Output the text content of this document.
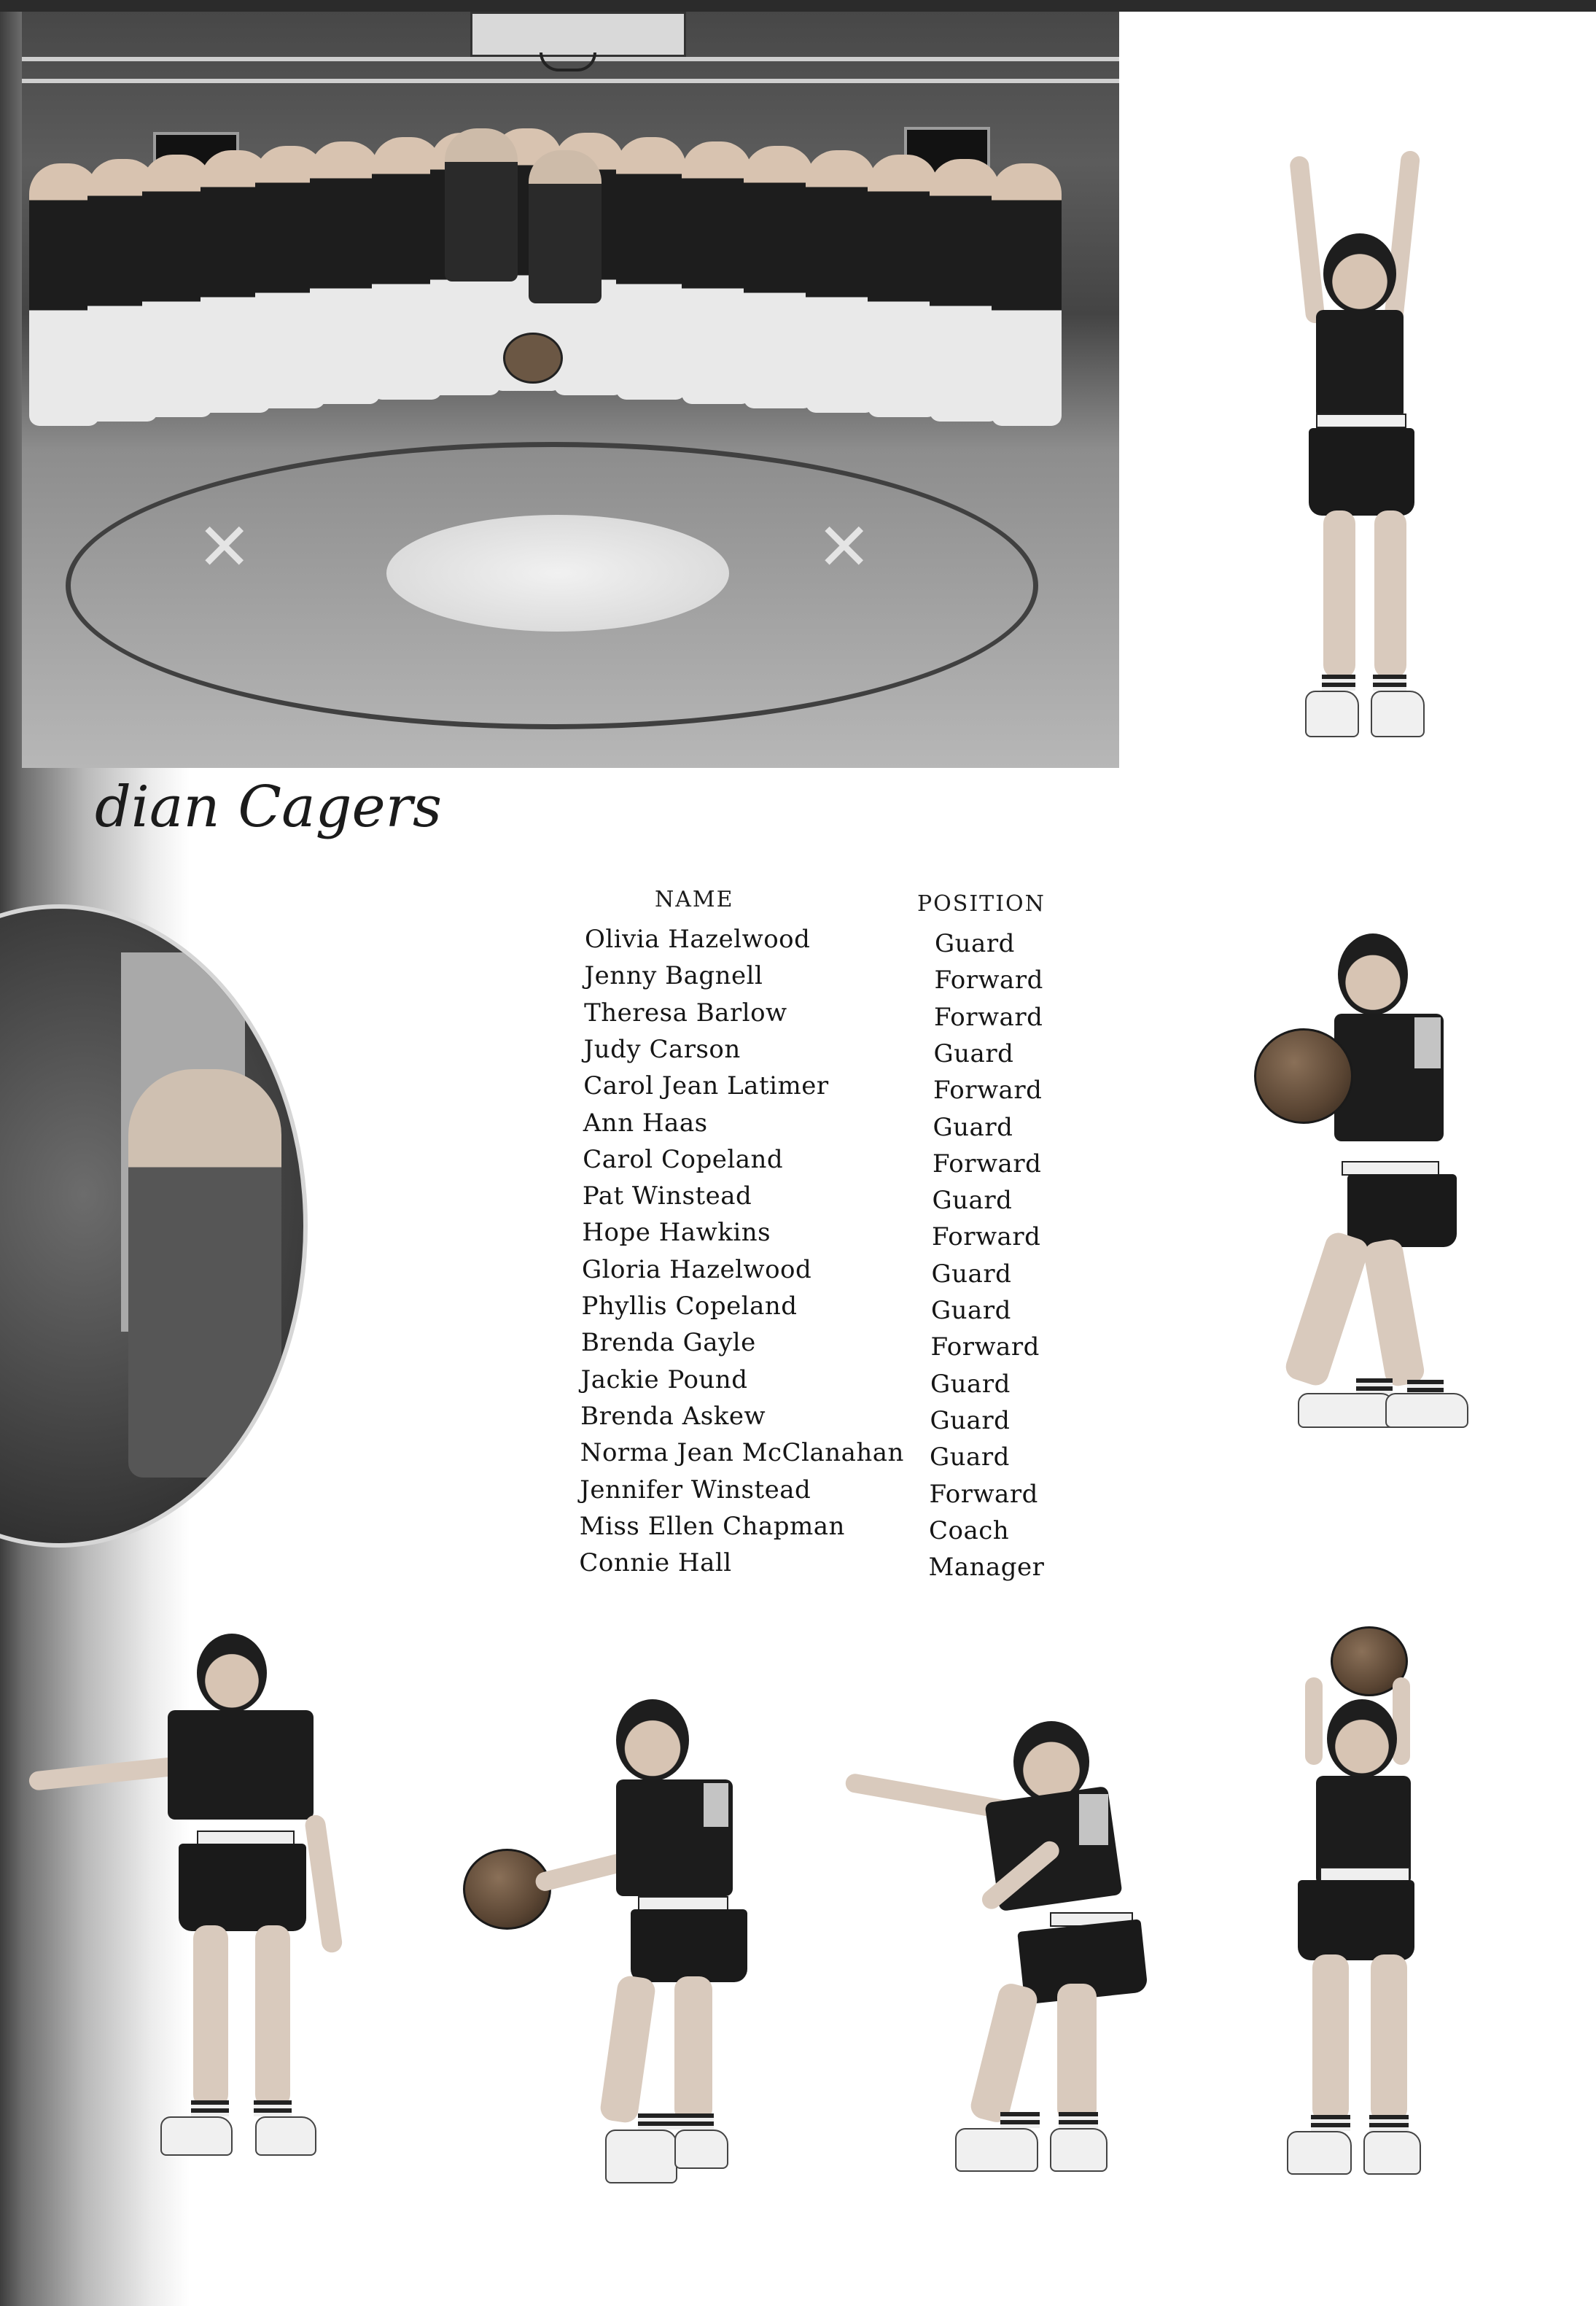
✕	✕
dian Cagers
NAME	POSITION
Olivia Hazelwood	Guard
Jenny Bagnell	Forward
Theresa Barlow	Forward
Judy Carson	Guard
Carol Jean Latimer	Forward
Ann Haas	Guard
Carol Copeland	Forward
Pat Winstead	Guard
Hope Hawkins	Forward
Gloria Hazelwood	Guard
Phyllis Copeland	Guard
Brenda Gayle	Forward
Jackie Pound	Guard
Brenda Askew	Guard
Norma Jean McClanahan Guard
Jennifer Winstead	Forward
Miss Ellen Chapman	Coach
Connie Hall	Manager
